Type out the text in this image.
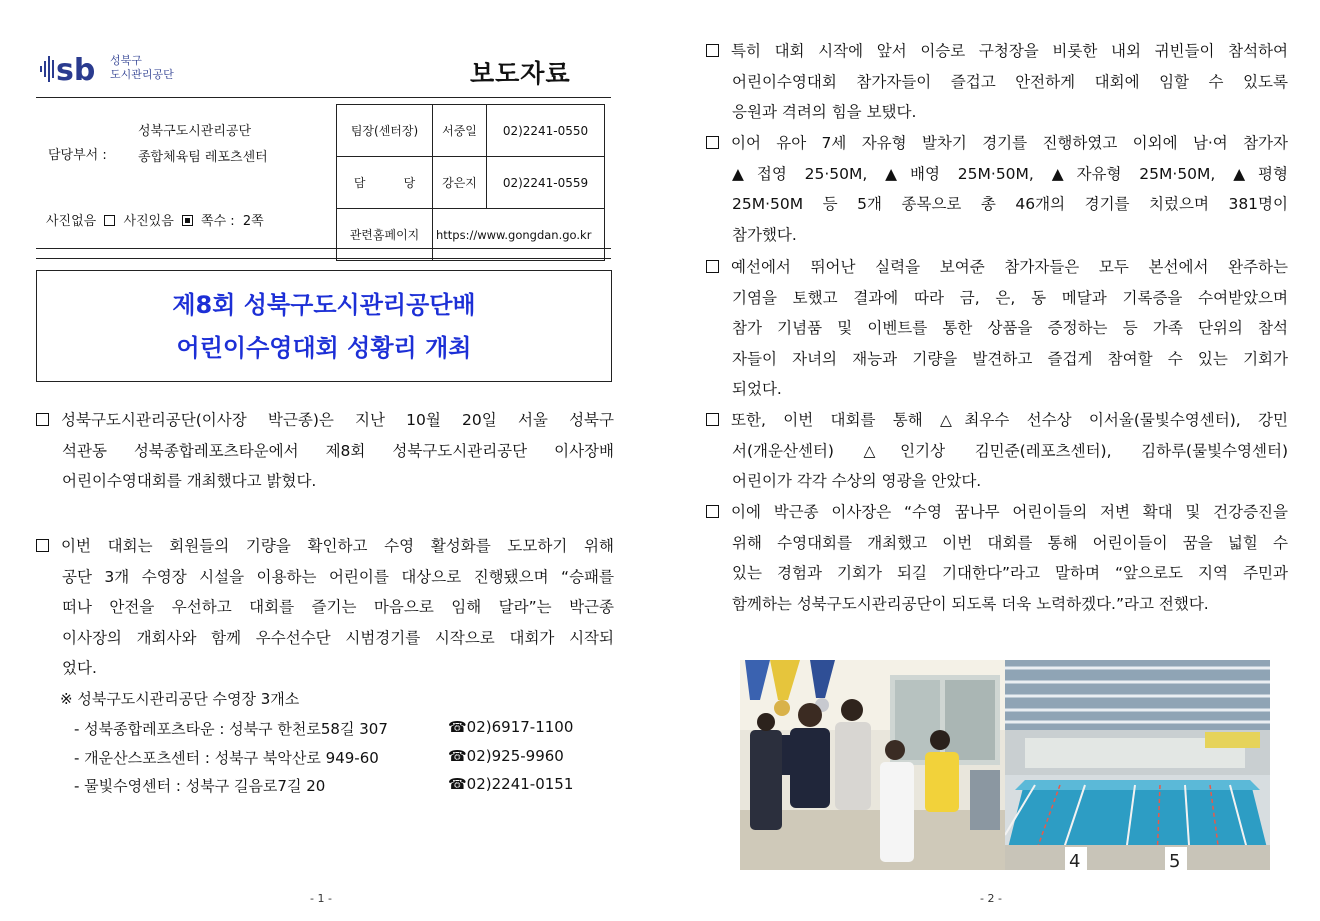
sb 성북구
도시관리공단	보도자료
담당부서 :
성북구도시관리공단
종합체육팀 레포츠센터
사진없음 사진있음 쪽수 : 2쪽
팀장(센터장)	서중일	02)2241-0550
담          당	강은지	02)2241-0559
관련홈페이지	https://www.gongdan.go.kr	
제8회 성북구도시관리공단배
어린이수영대회 성황리 개최
성북구도시관리공단(이사장 박근종)은 지난 10월 20일 서울 성북구
석관동 성북종합레포츠타운에서 제8회 성북구도시관리공단 이사장배
어린이수영대회를 개최했다고 밝혔다.
이번 대회는 회원들의 기량을 확인하고 수영 활성화를 도모하기 위해
공단 3개 수영장 시설을 이용하는 어린이를 대상으로 진행됐으며 “승패를
떠나 안전을 우선하고 대회를 즐기는 마음으로 임해 달라”는 박근종
이사장의 개회사와 함께 우수선수단 시범경기를 시작으로 대회가 시작되
었다.
※ 성북구도시관리공단 수영장 3개소
- 성북종합레포츠타운 : 성북구 한천로58길 307	☎02)6917-1100
- 개운산스포츠센터 : 성북구 북악산로 949-60	☎02)925-9960
- 물빛수영센터 : 성북구 길음로7길 20	☎02)2241-0151
- 1 -
특히 대회 시작에 앞서 이승로 구청장을 비롯한 내외 귀빈들이 참석하여
어린이수영대회 참가자들이 즐겁고 안전하게 대회에 임할 수 있도록
응원과 격려의 힘을 보탰다.
이어 유아 7세 자유형 발차기 경기를 진행하였고 이외에 남·여 참가자
▲접영 25·50M, ▲배영 25M·50M, ▲자유형 25M·50M, ▲평형
25M·50M 등 5개 종목으로 총 46개의 경기를 치렀으며 381명이
참가했다.
예선에서 뛰어난 실력을 보여준 참가자들은 모두 본선에서 완주하는
기염을 토했고 결과에 따라 금, 은, 동 메달과 기록증을 수여받았으며
참가 기념품 및 이벤트를 통한 상품을 증정하는 등 가족 단위의 참석
자들이 자녀의 재능과 기량을 발견하고 즐겁게 참여할 수 있는 기회가
되었다.
또한, 이번 대회를 통해 △최우수 선수상 이서울(물빛수영센터), 강민
서(개운산센터) △인기상 김민준(레포츠센터), 김하루(물빛수영센터)
어린이가 각각 수상의 영광을 안았다.
이에 박근종 이사장은 “수영 꿈나무 어린이들의 저변 확대 및 건강증진을
위해 수영대회를 개최했고 이번 대회를 통해 어린이들이 꿈을 넓힐 수
있는 경험과 기회가 되길 기대한다”라고 말하며 “앞으로도 지역 주민과
함께하는 성북구도시관리공단이 되도록 더욱 노력하겠다.”라고 전했다.
- 2 -
4	5
